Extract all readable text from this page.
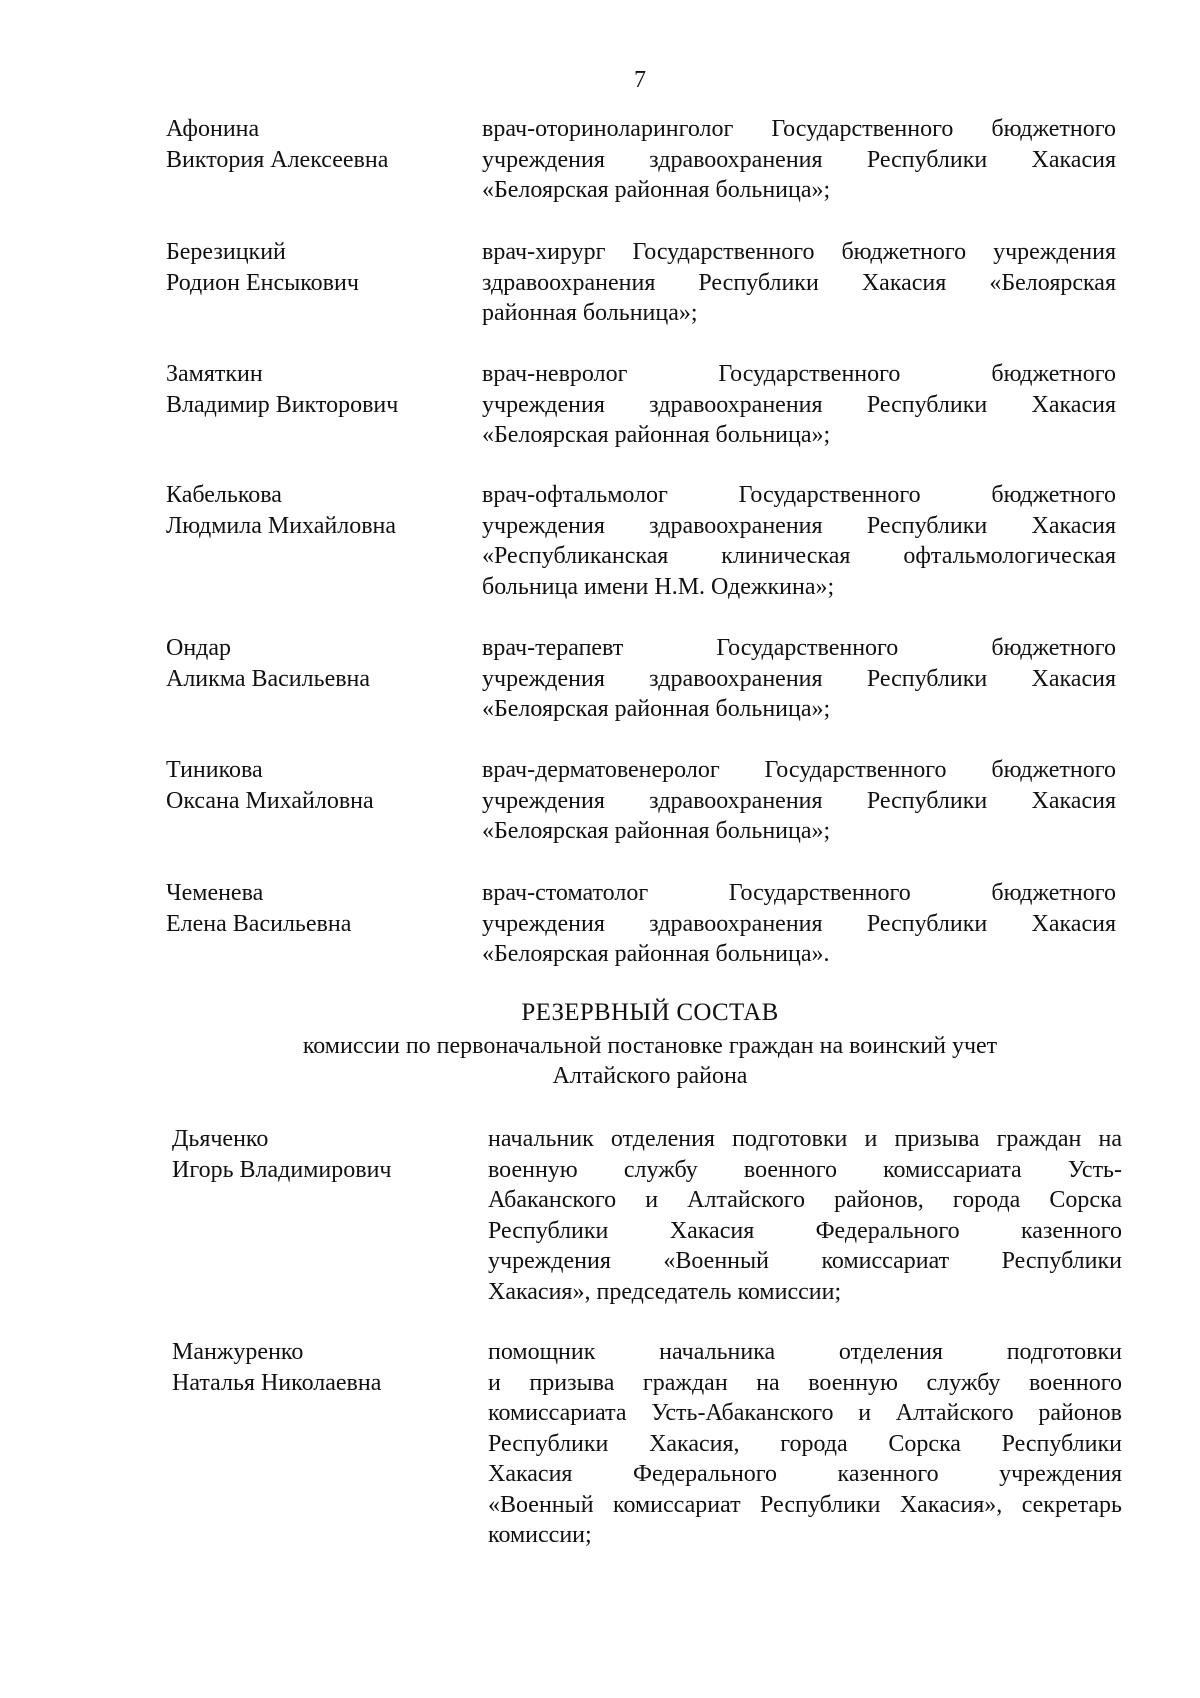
7
Афонина
Виктория Алексеевна
врач-оториноларинголог Государственного бюджетного
учреждения здравоохранения Республики Хакасия
«Белоярская районная больница»;
Березицкий
Родион Енсыкович
врач-хирург Государственного бюджетного учреждения
здравоохранения Республики Хакасия «Белоярская
районная больница»;
Замяткин
Владимир Викторович
врач-невролог Государственного бюджетного
учреждения здравоохранения Республики Хакасия
«Белоярская районная больница»;
Кабелькова
Людмила Михайловна
врач-офтальмолог Государственного бюджетного
учреждения здравоохранения Республики Хакасия
«Республиканская клиническая офтальмологическая
больница имени Н.М. Одежкина»;
Ондар
Аликма Васильевна
врач-терапевт Государственного бюджетного
учреждения здравоохранения Республики Хакасия
«Белоярская районная больница»;
Тиникова
Оксана Михайловна
врач-дерматовенеролог Государственного бюджетного
учреждения здравоохранения Республики Хакасия
«Белоярская районная больница»;
Чеменева
Елена Васильевна
врач-стоматолог Государственного бюджетного
учреждения здравоохранения Республики Хакасия
«Белоярская районная больница».
РЕЗЕРВНЫЙ СОСТАВ
комиссии по первоначальной постановке граждан на воинский учет
Алтайского района
Дьяченко
Игорь Владимирович
начальник отделения подготовки и призыва граждан на
военную службу военного комиссариата Усть-
Абаканского и Алтайского районов, города Сорска
Республики Хакасия Федерального казенного
учреждения «Военный комиссариат Республики
Хакасия», председатель комиссии;
Манжуренко
Наталья Николаевна
помощник начальника отделения подготовки
и призыва граждан на военную службу военного
комиссариата Усть-Абаканского и Алтайского районов
Республики Хакасия, города Сорска Республики
Хакасия Федерального казенного учреждения
«Военный комиссариат Республики Хакасия», секретарь
комиссии;
